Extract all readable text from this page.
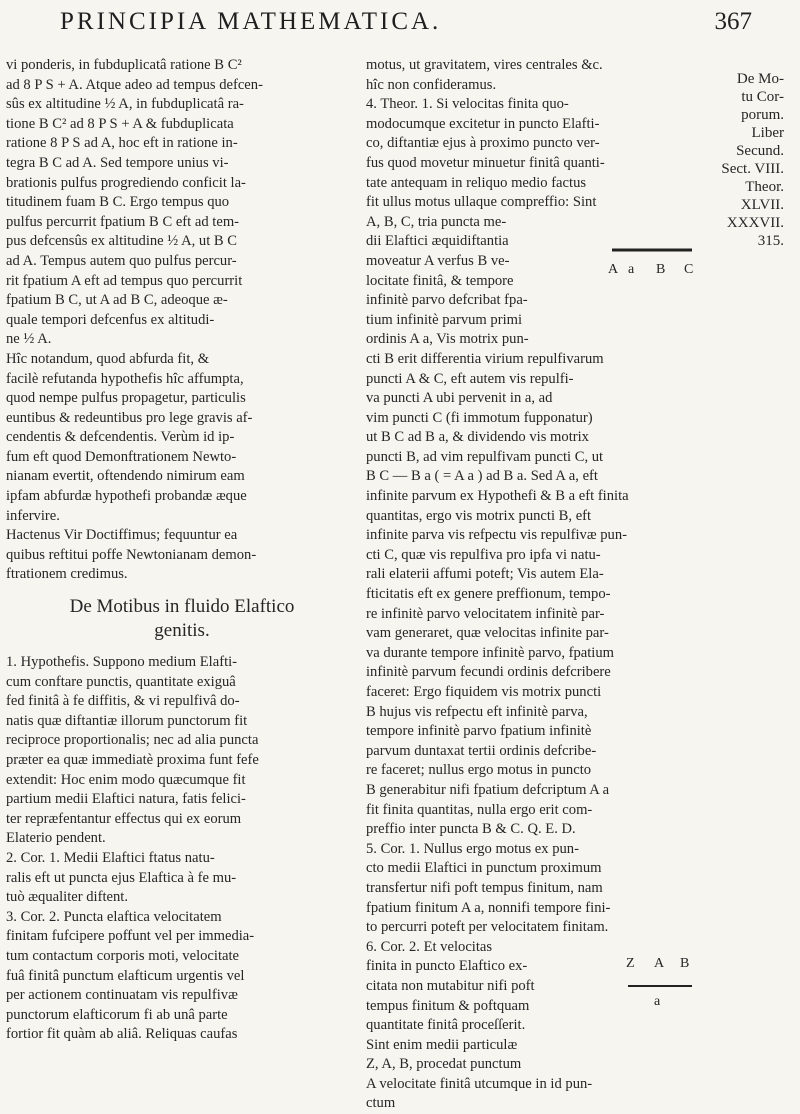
PRINCIPIA MATHEMATICA.	367
vi ponderis, in fubduplicatâ ratione B C²
ad 8 P S + A. Atque adeo ad tempus defcen-
sûs ex altitudine ½ A, in fubduplicatâ ra-
tione B C² ad 8 P S + A & fubduplicata
ratione 8 P S ad A, hoc eft in ratione in-
tegra B C ad A. Sed tempore unius vi-
brationis pulfus progrediendo conficit la-
titudinem fuam B C. Ergo tempus quo
pulfus percurrit fpatium B C eft ad tem-
pus defcensûs ex altitudine ½ A, ut B C
ad A. Tempus autem quo pulfus percur-
rit fpatium A eft ad tempus quo percurrit
fpatium B C, ut A ad B C, adeoque æ-
quale tempori defcenfus ex altitudi-
ne ½ A.
Hîc notandum, quod abfurda fit, &
facilè refutanda hypothefis hîc affumpta,
quod nempe pulfus propagetur, particulis
euntibus & redeuntibus pro lege gravis af-
cendentis & defcendentis. Verùm id ip-
fum eft quod Demonftrationem Newto-
nianam evertit, oftendendo nimirum eam
ipfam abfurdæ hypothefi probandæ æque
infervire.
Hactenus Vir Doctiffimus; fequuntur ea
quibus reftitui poffe Newtonianam demon-
ftrationem credimus.
De Motibus in fluido Elaftico
genitis.
1. Hypothefis. Suppono medium Elafti-
cum conftare punctis, quantitate exiguâ
fed finitâ à fe diffitis, & vi repulfivâ do-
natis quæ diftantiæ illorum punctorum fit
reciproce proportionalis; nec ad alia puncta
præter ea quæ immediatè proxima funt fefe
extendit: Hoc enim modo quæcumque fit
partium medii Elaftici natura, fatis felici-
ter repræfentantur effectus qui ex eorum
Elaterio pendent.
2. Cor. 1. Medii Elaftici ftatus natu-
ralis eft ut puncta ejus Elaftica à fe mu-
tuò æqualiter diftent.
3. Cor. 2. Puncta elaftica velocitatem
finitam fufcipere poffunt vel per immedia-
tum contactum corporis moti, velocitate
fuâ finitâ punctum elafticum urgentis vel
per actionem continuatam vis repulfivæ
punctorum elafticorum fi ab unâ parte
fortior fit quàm ab aliâ. Reliquas caufas
motus, ut gravitatem, vires centrales &c.
hîc non confideramus.
4. Theor. 1. Si velocitas finita quo-
modocumque excitetur in puncto Elafti-
co, diftantiæ ejus à proximo puncto ver-
fus quod movetur minuetur finitâ quanti-
tate antequam in reliquo medio factus
fit ullus motus ullaque compreffio: Sint
A, B, C, tria puncta me-
dii Elaftici æquidiftantia
moveatur A verfus B ve-
locitate finitâ, & tempore
infinitè parvo defcribat fpa-
tium infinitè parvum primi
ordinis A a, Vis motrix pun-
cti B erit differentia virium repulfivarum
puncti A & C, eft autem vis repulfi-
va puncti A ubi pervenit in a, ad
vim puncti C (fi immotum fupponatur)
ut B C ad B a, & dividendo vis motrix
puncti B, ad vim repulfivam puncti C, ut
B C — B a ( = A a ) ad B a. Sed A a, eft
infinite parvum ex Hypothefi & B a eft finita
quantitas, ergo vis motrix puncti B, eft
infinite parva vis refpectu vis repulfivæ pun-
cti C, quæ vis repulfiva pro ipfa vi natu-
rali elaterii affumi poteft; Vis autem Ela-
fticitatis eft ex genere preffionum, tempo-
re infinitè parvo velocitatem infinitè par-
vam generaret, quæ velocitas infinite par-
va durante tempore infinitè parvo, fpatium
infinitè parvum fecundi ordinis defcribere
faceret: Ergo fiquidem vis motrix puncti
B hujus vis refpectu eft infinitè parva,
tempore infinitè parvo fpatium infinitè
parvum duntaxat tertii ordinis defcribe-
re faceret; nullus ergo motus in puncto
B generabitur nifi fpatium defcriptum A a
fit finita quantitas, nulla ergo erit com-
preffio inter puncta B & C. Q. E. D.
5. Cor. 1. Nullus ergo motus ex pun-
cto medii Elaftici in punctum proximum
transfertur nifi poft tempus finitum, nam
fpatium finitum A a, nonnifi tempore fini-
to percurri poteft per velocitatem finitam.
6. Cor. 2. Et velocitas
finita in puncto Elaftico ex-
citata non mutabitur nifi poft
tempus finitum & poftquam
quantitate finitâ proceſſerit.
Sint enim medii particulæ
Z, A, B, procedat punctum
A velocitate finitâ utcumque in id pun-
ctum
De Mo-
tu Cor-
porum.
Liber
Secund.
Sect. VIII.
Theor.
XLVII.
XXXVII.
315.
A a B C
Z A B
a
